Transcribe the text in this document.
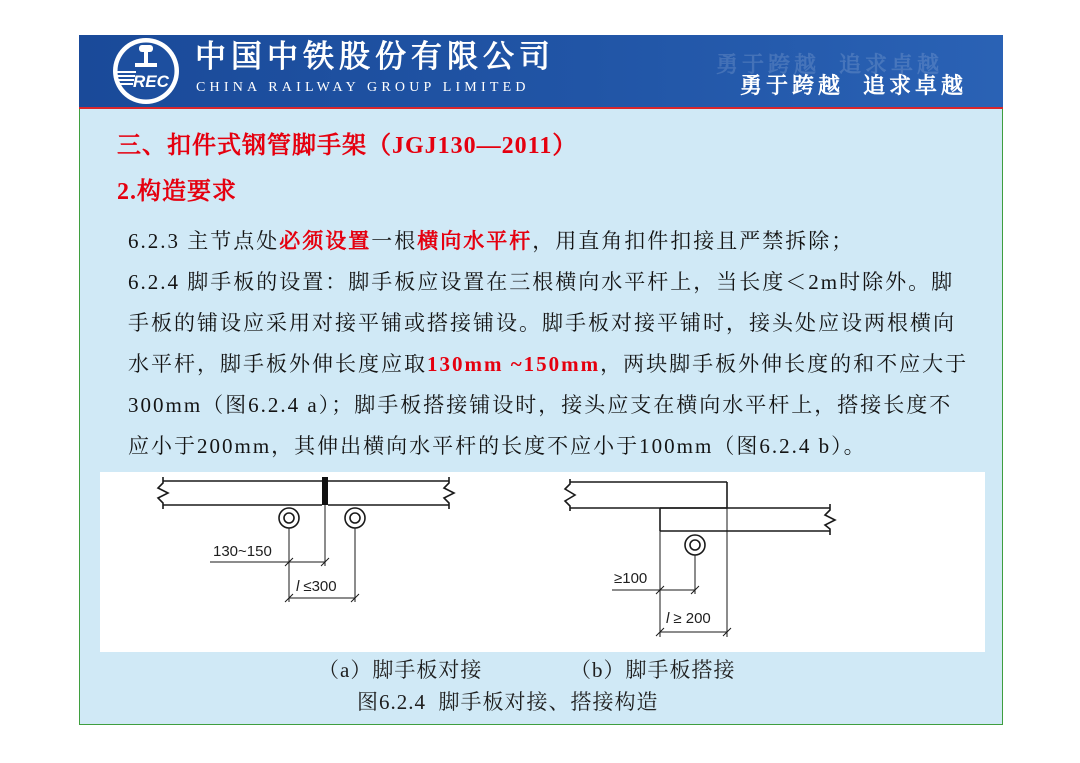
REC
中国中铁股份有限公司
CHINA RAILWAY GROUP LIMITED
勇于跨越  追求卓越
勇于跨越  追求卓越
三、扣件式钢管脚手架（JGJ130—2011）
2.构造要求
6.2.3 主节点处必须设置一根横向水平杆，用直角扣件扣接且严禁拆除；
6.2.4 脚手板的设置：脚手板应设置在三根横向水平杆上，当长度＜2m时除外。脚
手板的铺设应采用对接平铺或搭接铺设。脚手板对接平铺时，接头处应设两根横向
水平杆，脚手板外伸长度应取130mm ~150mm，两块脚手板外伸长度的和不应大于
300mm（图6.2.4 a）；脚手板搭接铺设时，接头应支在横向水平杆上，搭接长度不
应小于200mm，其伸出横向水平杆的长度不应小于100mm（图6.2.4 b）。
130~150
l ≤300	≥100
l ≥ 200
（a）脚手板对接	（b）脚手板搭接
图6.2.4  脚手板对接、搭接构造
